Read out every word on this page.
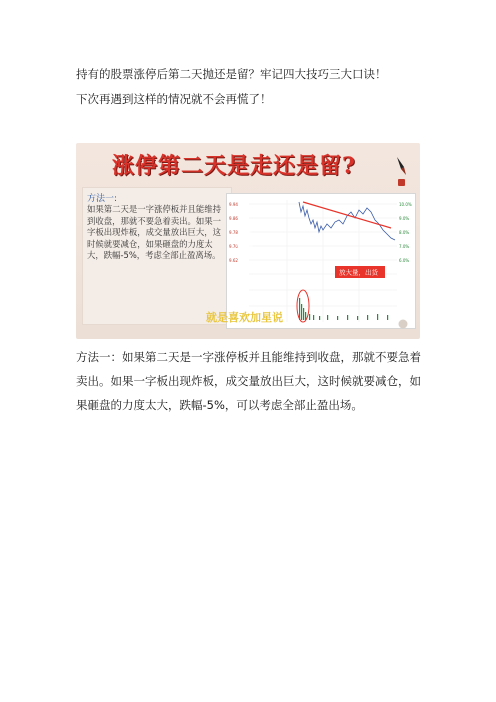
持有的股票涨停后第二天抛还是留？牢记四大技巧三大口诀！
下次再遇到这样的情况就不会再慌了！
涨停第二天是走还是留?
方法一:
如果第二天是一字涨停板并且能维持到收盘，那就不要急着卖出。如果一字板出现炸板，成交量放出巨大，这时候就要减仓，如果砸盘的力度太大，跌幅-5%，考虑全部止盈离场。
9.94
9.86
9.78
9.70
9.62
10.0%
9.0%
8.0%
7.0%
6.0%
放大量，出货
就是喜欢加星说
方法一：如果第二天是一字涨停板并且能维持到收盘，那就不要急着卖出。如果一字板出现炸板，成交量放出巨大，这时候就要减仓，如果砸盘的力度太大，跌幅-5%，可以考虑全部止盈出场。
